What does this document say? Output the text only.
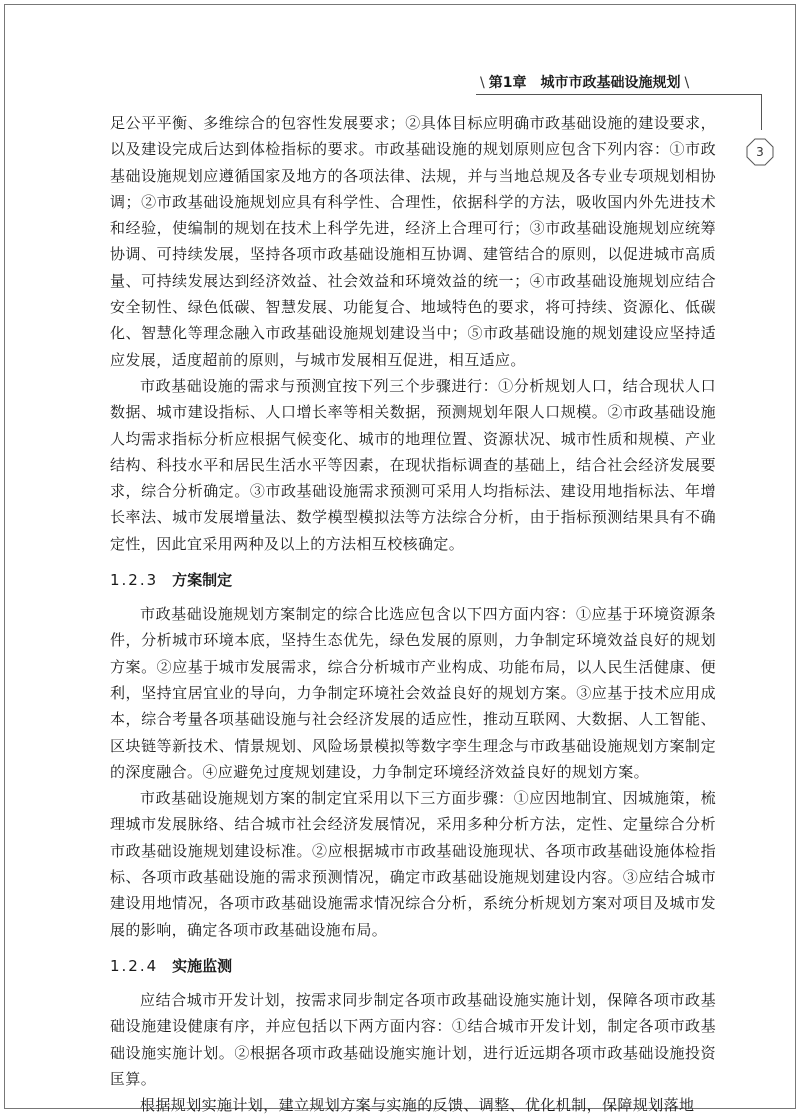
\ 第1章 城市市政基础设施规划 \
3

足公平平衡、多维综合的包容性发展要求；②具体目标应明确市政基础设施的建设要求，以及建设完成后达到体检指标的要求。市政基础设施的规划原则应包含下列内容：①市政基础设施规划应遵循国家及地方的各项法律、法规，并与当地总规及各专业专项规划相协调；②市政基础设施规划应具有科学性、合理性，依据科学的方法，吸收国内外先进技术和经验，使编制的规划在技术上科学先进，经济上合理可行；③市政基础设施规划应统筹协调、可持续发展，坚持各项市政基础设施相互协调、建管结合的原则，以促进城市高质量、可持续发展达到经济效益、社会效益和环境效益的统一；④市政基础设施规划应结合安全韧性、绿色低碳、智慧发展、功能复合、地域特色的要求，将可持续、资源化、低碳化、智慧化等理念融入市政基础设施规划建设当中；⑤市政基础设施的规划建设应坚持适应发展，适度超前的原则，与城市发展相互促进，相互适应。

市政基础设施的需求与预测宜按下列三个步骤进行：①分析规划人口，结合现状人口数据、城市建设指标、人口增长率等相关数据，预测规划年限人口规模。②市政基础设施人均需求指标分析应根据气候变化、城市的地理位置、资源状况、城市性质和规模、产业结构、科技水平和居民生活水平等因素，在现状指标调查的基础上，结合社会经济发展要求，综合分析确定。③市政基础设施需求预测可采用人均指标法、建设用地指标法、年增长率法、城市发展增量法、数学模型模拟法等方法综合分析，由于指标预测结果具有不确定性，因此宜采用两种及以上的方法相互校核确定。

1.2.3 方案制定

市政基础设施规划方案制定的综合比选应包含以下四方面内容：①应基于环境资源条件，分析城市环境本底，坚持生态优先，绿色发展的原则，力争制定环境效益良好的规划方案。②应基于城市发展需求，综合分析城市产业构成、功能布局，以人民生活健康、便利，坚持宜居宜业的导向，力争制定环境社会效益良好的规划方案。③应基于技术应用成本，综合考量各项基础设施与社会经济发展的适应性，推动互联网、大数据、人工智能、区块链等新技术、情景规划、风险场景模拟等数字孪生理念与市政基础设施规划方案制定的深度融合。④应避免过度规划建设，力争制定环境经济效益良好的规划方案。

市政基础设施规划方案的制定宜采用以下三方面步骤：①应因地制宜、因城施策，梳理城市发展脉络、结合城市社会经济发展情况，采用多种分析方法，定性、定量综合分析市政基础设施规划建设标准。②应根据城市市政基础设施现状、各项市政基础设施体检指标、各项市政基础设施的需求预测情况，确定市政基础设施规划建设内容。③应结合城市建设用地情况，各项市政基础设施需求情况综合分析，系统分析规划方案对项目及城市发展的影响，确定各项市政基础设施布局。

1.2.4 实施监测

应结合城市开发计划，按需求同步制定各项市政基础设施实施计划，保障各项市政基础设施建设健康有序，并应包括以下两方面内容：①结合城市开发计划，制定各项市政基础设施实施计划。②根据各项市政基础设施实施计划，进行近远期各项市政基础设施投资匡算。

根据规划实施计划，建立规划方案与实施的反馈、调整、优化机制，保障规划落地
